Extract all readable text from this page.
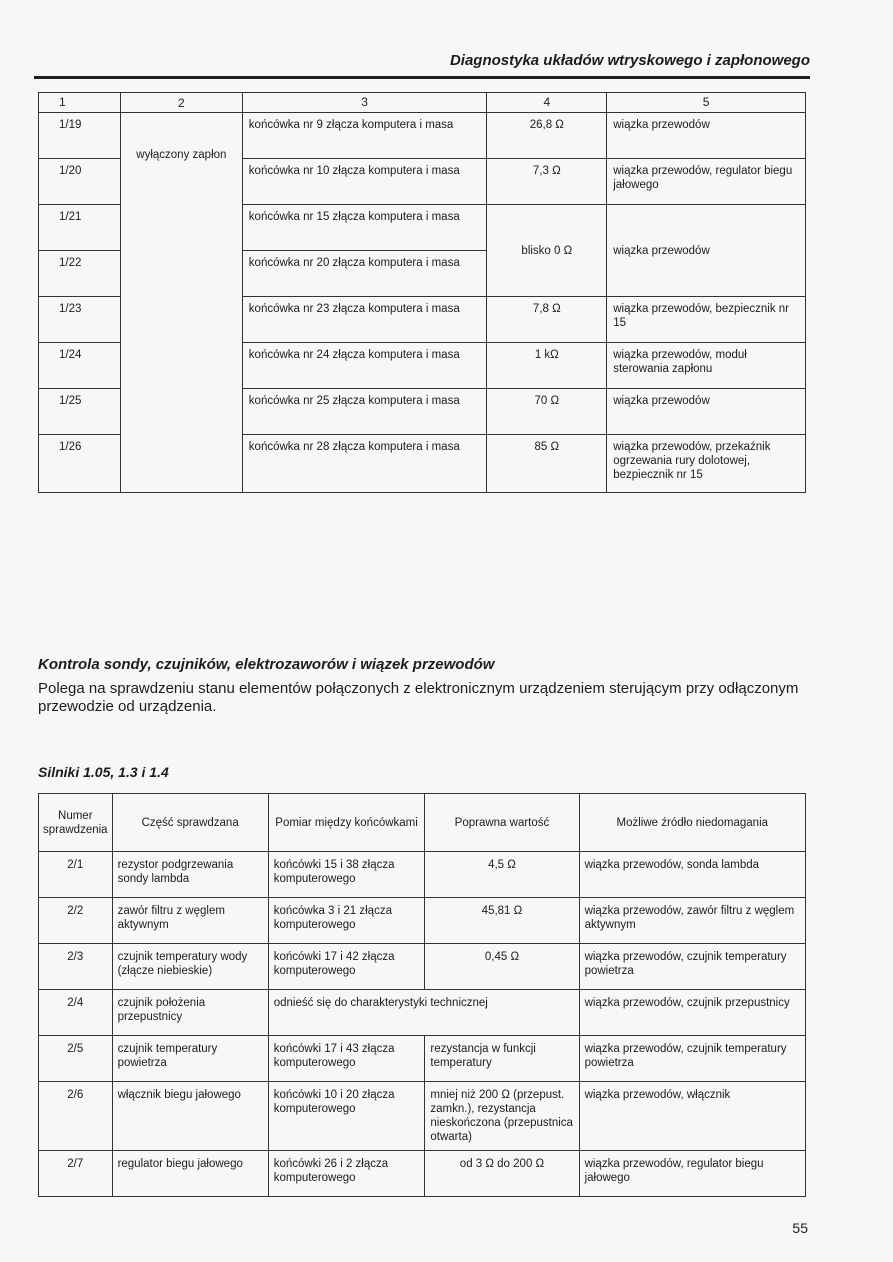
Diagnostyka układów wtryskowego i zapłonowego
1	2	3	4	5
1/19	wyłączony zapłon	końcówka nr 9 złącza komputera i masa	26,8 Ω	wiązka przewodów
1/20		końcówka nr 10 złącza komputera i masa	7,3 Ω	wiązka przewodów, regulator biegu jałowego
1/21		końcówka nr 15 złącza komputera i masa	blisko 0 Ω	wiązka przewodów
1/22		końcówka nr 20 złącza komputera i masa		
1/23		końcówka nr 23 złącza komputera i masa	7,8 Ω	wiązka przewodów, bezpiecznik nr 15
1/24		końcówka nr 24 złącza komputera i masa	1 kΩ	wiązka przewodów, moduł sterowania zapłonu
1/25		końcówka nr 25 złącza komputera i masa	70 Ω	wiązka przewodów
1/26		końcówka nr 28 złącza komputera i masa	85 Ω	wiązka przewodów, przekaźnik ogrzewania rury dolotowej, bezpiecznik nr 15
Kontrola sondy, czujników, elektrozaworów i wiązek przewodów
Polega na sprawdzeniu stanu elementów połączonych z elektronicznym urządzeniem sterującym przy odłączonym przewodzie od urządzenia.
Silniki 1.05, 1.3 i 1.4
Numer sprawdzenia	Część sprawdzana	Pomiar między końcówkami	Poprawna wartość	Możliwe źródło niedomagania
2/1	rezystor podgrzewania sondy lambda	końcówki 15 i 38 złącza komputerowego	4,5 Ω	wiązka przewodów, sonda lambda
2/2	zawór filtru z węglem aktywnym	końcówka 3 i 21 złącza komputerowego	45,81 Ω	wiązka przewodów, zawór filtru z węglem aktywnym
2/3	czujnik temperatury wody (złącze niebieskie)	końcówki 17 i 42 złącza komputerowego	0,45 Ω	wiązka przewodów, czujnik temperatury powietrza
2/4	czujnik położenia przepustnicy	odnieść się do charakterystyki technicznej		wiązka przewodów, czujnik przepustnicy
2/5	czujnik temperatury powietrza	końcówki 17 i 43 złącza komputerowego	rezystancja w funkcji temperatury	wiązka przewodów, czujnik temperatury powietrza
2/6	włącznik biegu jałowego	końcówki 10 i 20 złącza komputerowego	mniej niż 200 Ω (przepust. zamkn.), rezystancja nieskończona (przepustnica otwarta)	wiązka przewodów, włącznik
2/7	regulator biegu jałowego	końcówki 26 i 2 złącza komputerowego	od 3 Ω do 200 Ω	wiązka przewodów, regulator biegu jałowego
55
